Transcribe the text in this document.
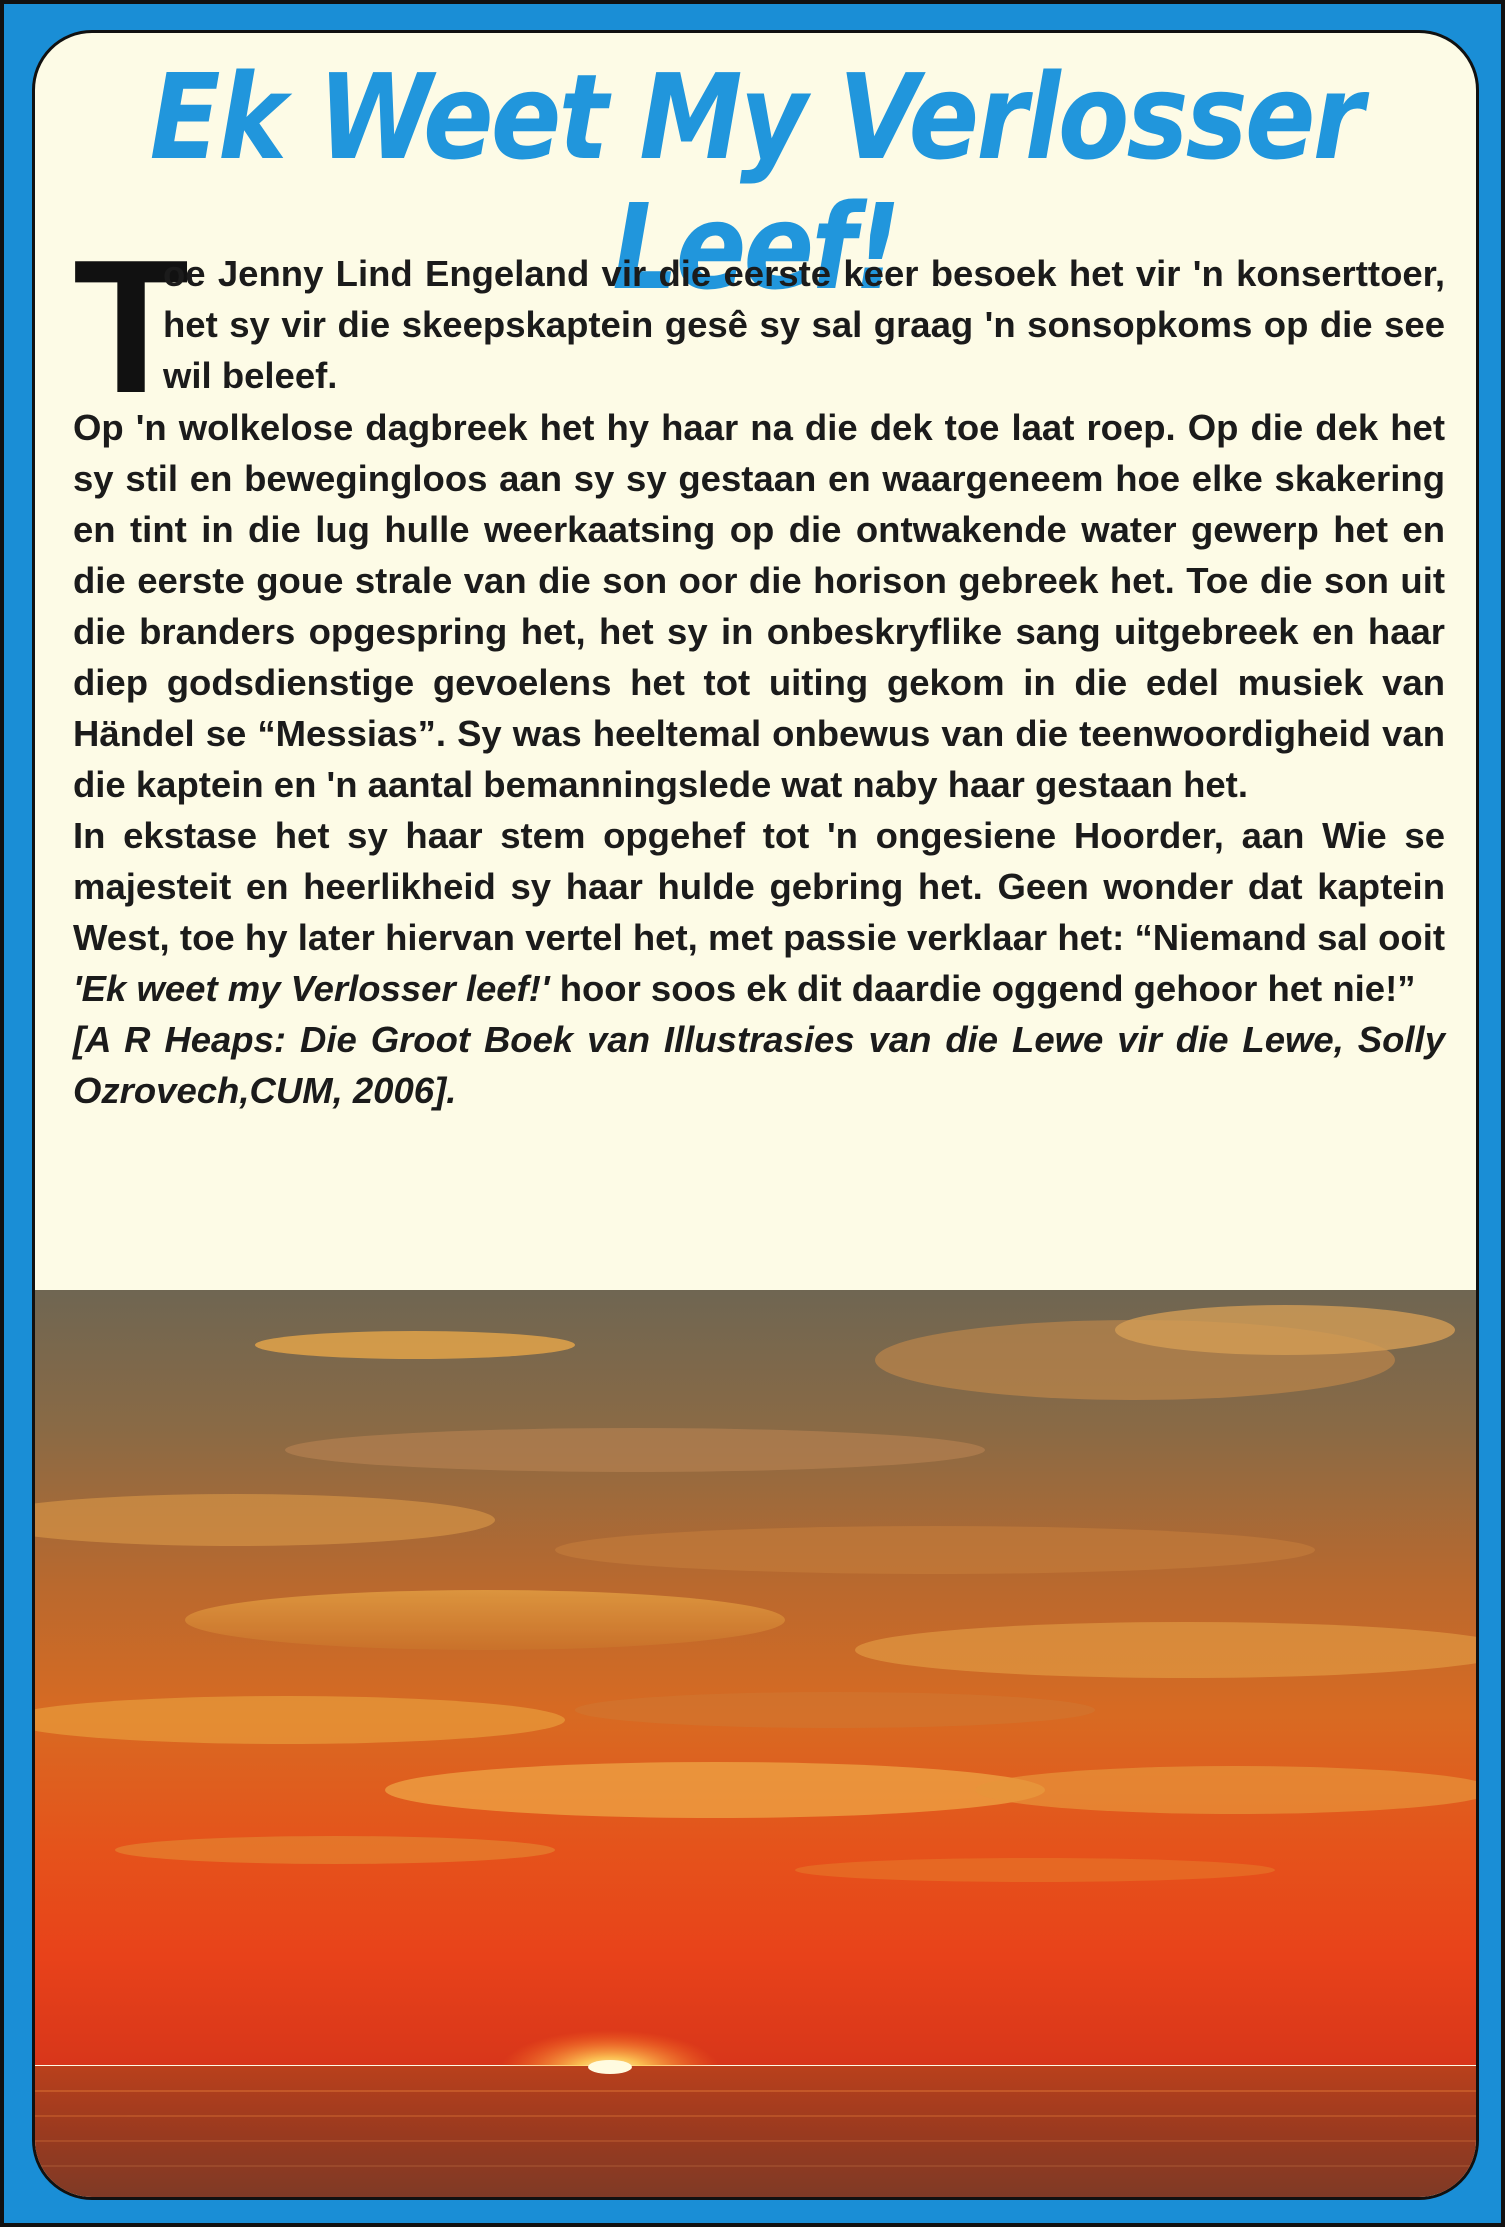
Ek Weet My Verlosser Leef!
T
oe Jenny Lind Engeland vir die eerste keer besoek het vir 'n konserttoer, het sy vir die skeepskaptein gesê sy sal graag 'n sonsopkoms op die see wil beleef.

Op 'n wolkelose dagbreek het hy haar na die dek toe laat roep. Op die dek het sy stil en bewegingloos aan sy sy gestaan en waargeneem hoe elke skakering en tint in die lug hulle weerkaatsing op die ontwakende water gewerp het en die eerste goue strale van die son oor die horison gebreek het. Toe die son uit die branders opgespring het, het sy in onbeskryflike sang uitgebreek en haar diep godsdienstige gevoelens het tot uiting gekom in die edel musiek van Händel se “Messias”. Sy was heeltemal onbewus van die teenwoordigheid van die kaptein en 'n aantal bemanningslede wat naby haar gestaan het.

In ekstase het sy haar stem opgehef tot 'n ongesiene Hoorder, aan Wie se majesteit en heerlikheid sy haar hulde gebring het. Geen wonder dat kaptein West, toe hy later hiervan vertel het, met passie verklaar het: “Niemand sal ooit 'Ek weet my Verlosser leef!' hoor soos ek dit daardie oggend gehoor het nie!”

[A R Heaps: Die Groot Boek van Illustrasies van die Lewe vir die Lewe, Solly Ozrovech,CUM, 2006].
